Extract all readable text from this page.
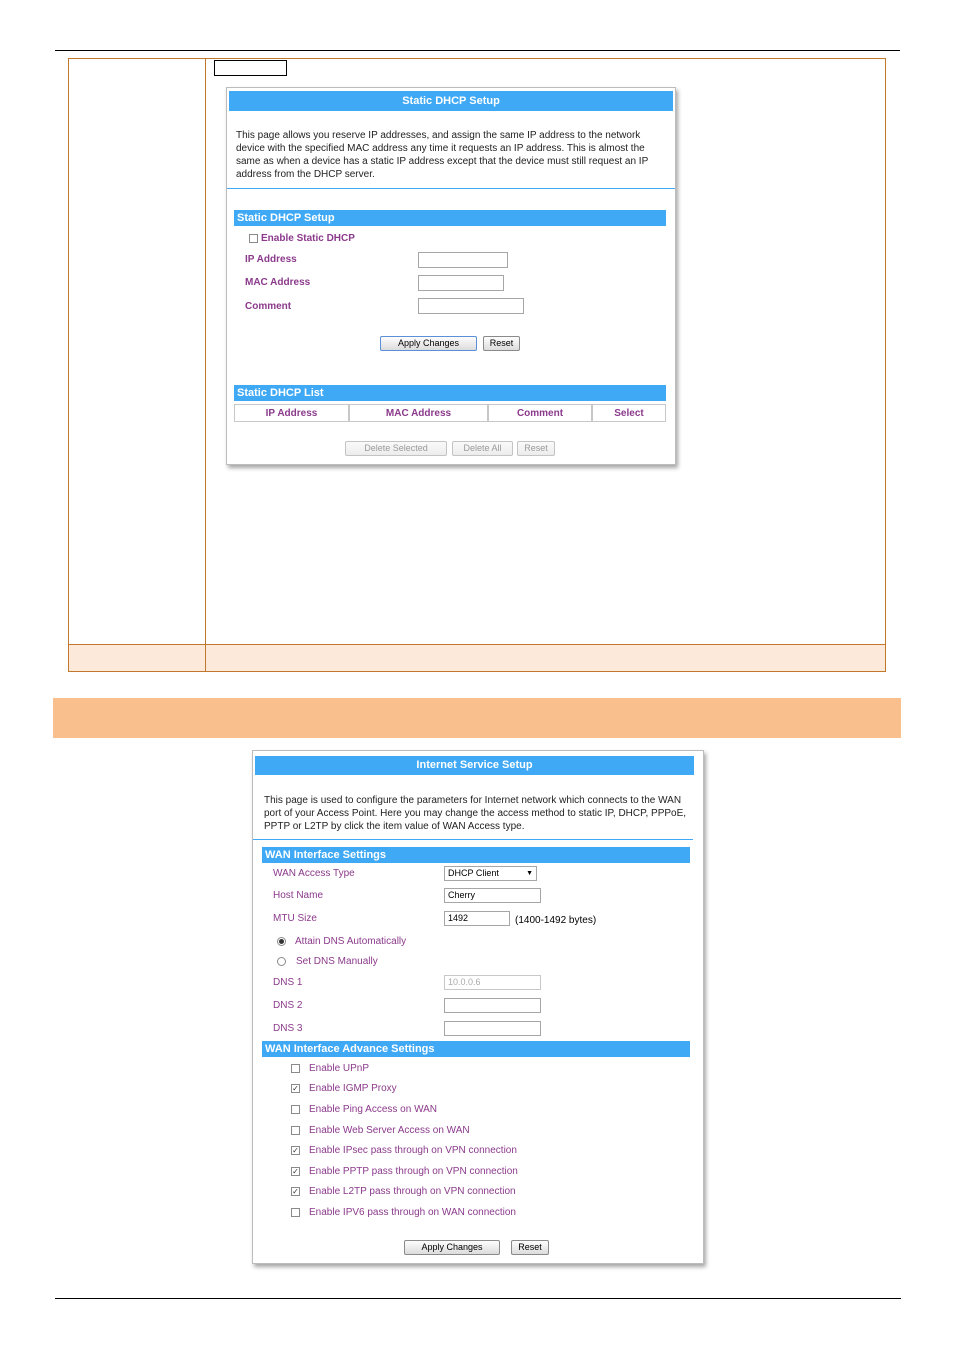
Static DHCP Setup
This page allows you reserve IP addresses, and assign the same IP address to the network device with the specified MAC address any time it requests an IP address. This is almost the same as when a device has a static IP address except that the device must still request an IP address from the DHCP server.
Static DHCP Setup
Enable Static DHCP
IP Address
MAC Address
Comment
Apply Changes	Reset
Static DHCP List
IP Address	MAC Address	Comment	Select
Delete Selected	Delete All	Reset
Internet Service Setup
This page is used to configure the parameters for Internet network which connects to the WAN port of your Access Point. Here you may change the access method to static IP, DHCP, PPPoE, PPTP or L2TP by click the item value of WAN Access type.
WAN Interface Settings
WAN Access Type	DHCP Client	▼
Host Name	Cherry
MTU Size	1492	(1400-1492 bytes)
Attain DNS Automatically
Set DNS Manually
DNS 1	10.0.0.6
DNS 2
DNS 3
WAN Interface Advance Settings
Enable UPnP
✓ Enable IGMP Proxy
Enable Ping Access on WAN
Enable Web Server Access on WAN
✓ Enable IPsec pass through on VPN connection
✓ Enable PPTP pass through on VPN connection
✓ Enable L2TP pass through on VPN connection
Enable IPV6 pass through on WAN connection
Apply Changes	Reset
